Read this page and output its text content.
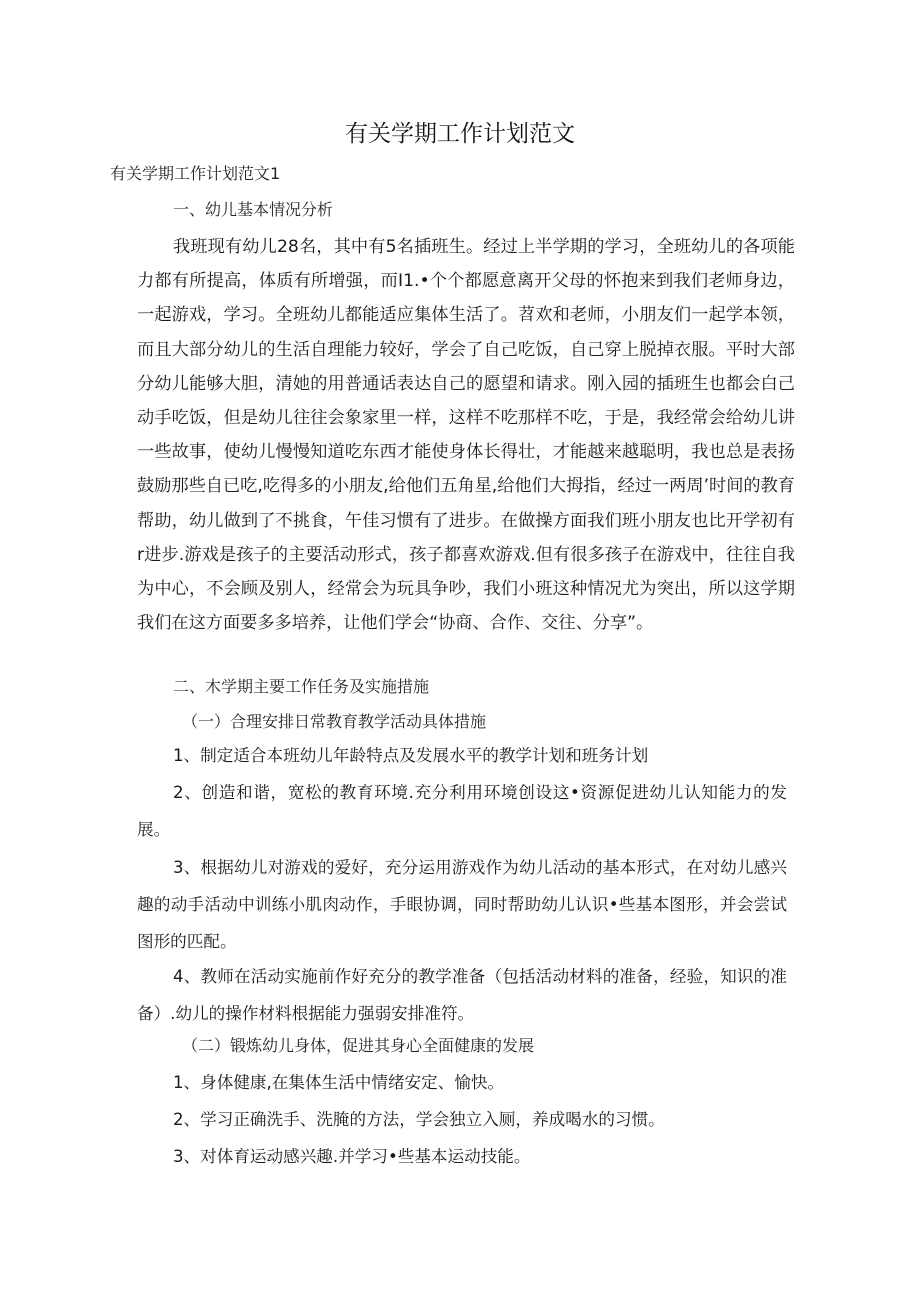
有关学期工作计划范文
有关学期工作计划范文1
一、幼儿基本情况分析
我班现有幼儿28名，其中有5名插班生。经过上半学期的学习，全班幼儿的各项能力都有所提高，体质有所增强，而I1.•个个都愿意离开父母的怀抱来到我们老师身边，一起游戏，学习。全班幼儿都能适应集体生活了。苕欢和老师，小朋友们一起学本领，而且大部分幼儿的生活自理能力较好，学会了自己吃饭，自己穿上脱掉衣服。平时大部分幼儿能够大胆，清她的用普通话表达自己的愿望和请求。刚入园的插班生也都会白己动手吃饭，但是幼儿往往会象家里一样，这样不吃那样不吃，于是，我经常会给幼儿讲一些故事，使幼儿慢慢知道吃东西才能使身体长得壮，才能越来越聪明，我也总是表扬鼓励那些自已吃,吃得多的小朋友,给他们五角星,给他们大拇指，经过一两周’时间的教育帮助，幼儿做到了不挑食，午佳习惯有了进步。在做操方面我们班小朋友也比开学初有r进步.游戏是孩子的主要活动形式，孩子都喜欢游戏.但有很多孩子在游戏中，往往自我为中心，不会顾及别人，经常会为玩具争吵，我们小班这种情况尤为突出，所以这学期我们在这方面要多多培养，让他们学会“协商、合作、交往、分享”。
二、木学期主要工作任务及实施措施
（一）合理安排日常教育教学活动具体措施
1、制定适合本班幼儿年龄特点及发展水平的教学计划和班务计划
2、创造和谐，宽松的教育环境.充分利用环境创设这•资源促进幼儿认知能力的发展。
3、根据幼儿对游戏的爱好，充分运用游戏作为幼儿活动的基本形式，在对幼儿感兴趣的动手活动中训练小肌肉动作，手眼协调，同时帮助幼儿认识•些基本图形，并会尝试图形的匹配。
4、教师在活动实施前作好充分的教学准备（包括活动材料的准备，经验，知识的准备）.幼儿的操作材料根据能力强弱安排准符。
（二）锻炼幼儿身体，促进其身心全面健康的发展
1、身体健康,在集体生活中情绪安定、愉快。
2、学习正确洗手、洗腌的方法，学会独立入厕，养成喝水的习惯。
3、对体育运动感兴趣.并学习•些基本运动技能。
